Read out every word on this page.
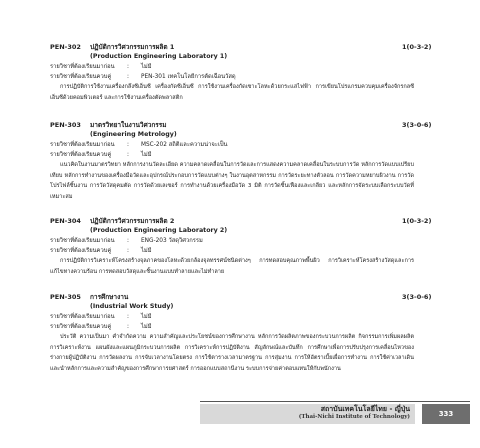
PEN-302 ปฏิบัติการวิศวกรรมการผลิต 1	1(0-3-2)
(Production Engineering Laboratory 1)
รายวิชาที่ต้องเรียนมาก่อน : ไม่มี
รายวิชาที่ต้องเรียนควบคู่	: PEN-301 เทคโนโลยีการตัดเฉือนวัสดุ
การปฏิบัติการใช้งานเครื่องกลึงซีเอ็นซี เครื่องกัดซีเอ็นซี การใช้งานเครื่องกัดเซาะโลหะด้วยกระแสไฟฟ้า การเขียนโปรแกรมควบคุมเครื่องจักรกลซีเอ็นซีด้วยคอมพิวเตอร์ และการใช้งานเครื่องตัดพลาสติก
PEN-303 มาตรวิทยาในงานวิศวกรรม	3(3-0-6)
(Engineering Metrology)
รายวิชาที่ต้องเรียนมาก่อน : MSC-202 สถิติและความน่าจะเป็น
รายวิชาที่ต้องเรียนควบคู่	: ไม่มี
แนวคิดในงานมาตรวิทยา หลักการงานวัดละเอียด ความคลาดเคลื่อนในการวัดและการแสดงความคลาดเคลื่อนในระบบการวัด หลักการวัดแบบเปรียบเทียบ หลักการทำงานของเครื่องมือวัดและอุปกรณ์ประกอบการวัดแบบต่างๆ ในงานอุตสาหกรรม การวัดระยะทางตัวลอน การวัดความหยาบผิวงาน การวัดโปรไฟล์ชิ้นงาน การวัดวัสดุคมตัด การวัดด้วยเลเซอร์ การทำงานด้วยเครื่องมือวัด 3 มิติ การวัดชิ้นเฟืองและเกลียว และหลักการจัดระบบเลือกระบบวัดที่เหมาะสม
PEN-304 ปฏิบัติการวิศวกรรมการผลิต 2	1(0-3-2)
(Production Engineering Laboratory 2)
รายวิชาที่ต้องเรียนมาก่อน : ENG-203 วัสดุวิศวกรรม
รายวิชาที่ต้องเรียนควบคู่	: ไม่มี
การปฏิบัติการวิเคราะห์โครงสร้างจุลภาคของโลหะด้วยกล้องจุลทรรศน์ชนิดต่างๆ การทดสอบคุณภาพพื้นผิว การวิเคราะห์โครงสร้างวัสดุและการแก้ไขทางความร้อน การทดสอบวัสดุและชิ้นงานแบบทำลายและไม่ทำลาย
PEN-305 การศึกษางาน	3(3-0-6)
(Industrial Work Study)
รายวิชาที่ต้องเรียนมาก่อน : ไม่มี
รายวิชาที่ต้องเรียนควบคู่	: ไม่มี
ประวัติ ความเป็นมา คำจำกัดความ ความสำคัญและประโยชน์ของการศึกษางาน หลักการวัดผลิตภาพของกระบวนการผลิต กิจกรรมการเพิ่มผลผลิต การวิเคราะห์งาน แผนผังและแผนภูมิกระบวนการผลิต การวิเคราะห์การปฏิบัติงาน สัญลักษณ์และบันทึก การศึกษาเพื่อการปรับปรุงการเคลื่อนไหวของร่างกายผู้ปฏิบัติงาน การวัดผลงาน การจับเวลางานโดยตรง การใช้ตารางเวลามาตรฐาน การสุ่มงาน การให้อัตราเบี้ยเผื่อการทำงาน การใช้ค่าเวลาเดิน และนำหลักการและความสำคัญของการศึกษาการยศาสตร์ การออกแบบสถานีงาน ระบบการจ่ายค่าตอบแทนให้กับพนักงาน
สถาบันเทคโนโลยีไทย - ญี่ปุ่น
(Thai-Nichi Institute of Technology)	333
